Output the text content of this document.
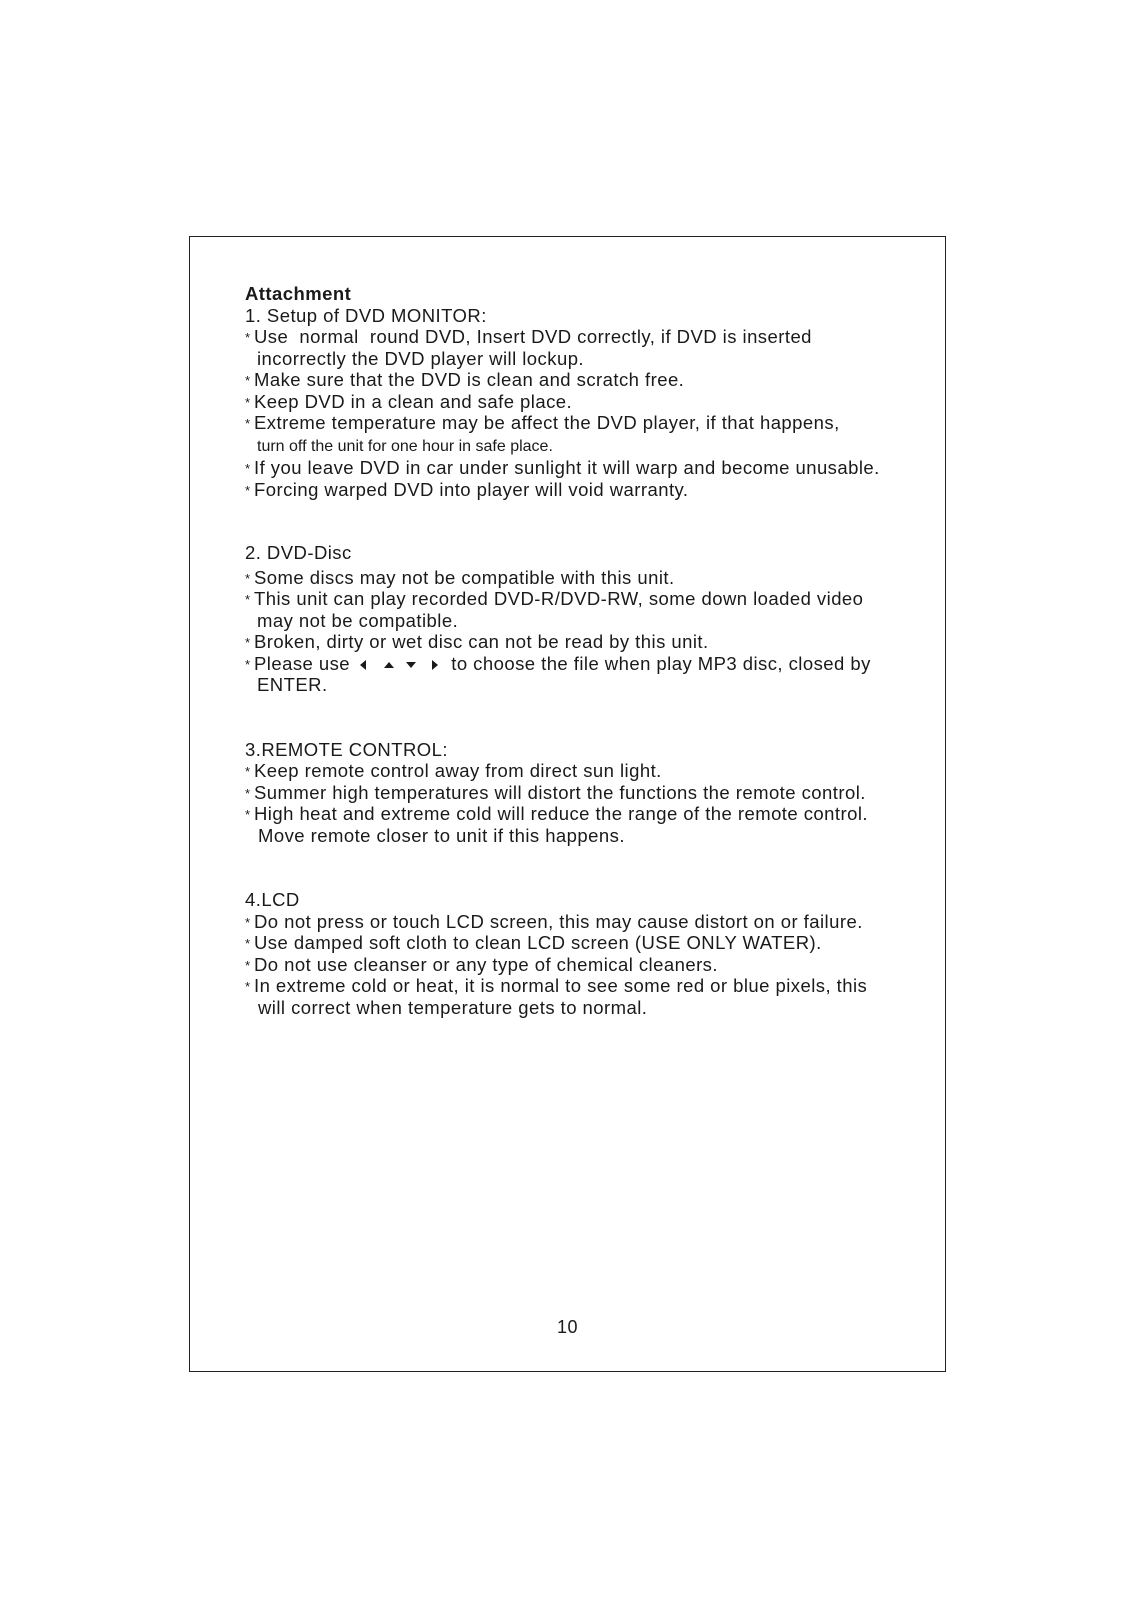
Attachment

1. Setup of DVD MONITOR:

* Use  normal  round DVD, Insert DVD correctly, if DVD is inserted
incorrectly the DVD player will lockup.
* Make sure that the DVD is clean and scratch free.
* Keep DVD in a clean and safe place.
* Extreme temperature may be affect the DVD player, if that happens,
turn off the unit for one hour in safe place.
* If you leave DVD in car under sunlight it will warp and become unusable.
* Forcing warped DVD into player will void warranty.

2. DVD-Disc

* Some discs may not be compatible with this unit.
* This unit can play recorded DVD-R/DVD-RW, some down loaded video
may not be compatible.
* Broken, dirty or wet disc can not be read by this unit.
* Please use	to choose the file when play MP3 disc, closed by
ENTER.

3.REMOTE CONTROL:

* Keep remote control away from direct sun light.
* Summer high temperatures will distort the functions the remote control.
* High heat and extreme cold will reduce the range of the remote control.
Move remote closer to unit if this happens.

4.LCD

* Do not press or touch LCD screen, this may cause distort on or failure.
* Use damped soft cloth to clean LCD screen (USE ONLY WATER).
* Do not use cleanser or any type of chemical cleaners.
* In extreme cold or heat, it is normal to see some red or blue pixels, this
will correct when temperature gets to normal.
10
